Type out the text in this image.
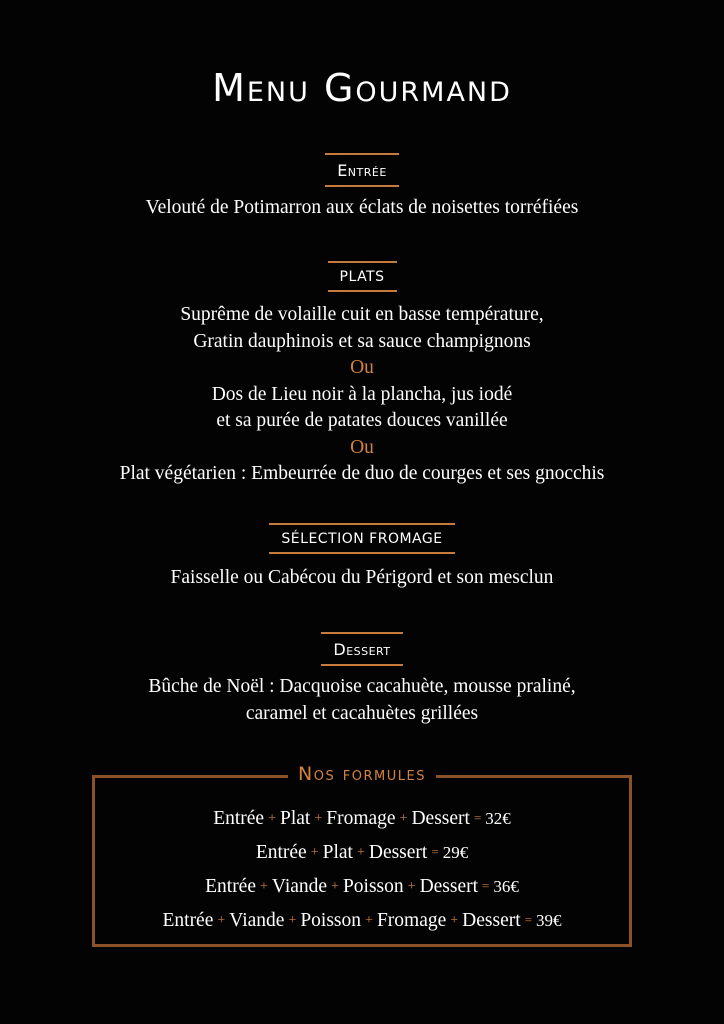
Menu Gourmand
Entrée
Velouté de Potimarron aux éclats de noisettes torréfiées
PLATS
Suprême de volaille cuit en basse température,
Gratin dauphinois et sa sauce champignons
Ou
Dos de Lieu noir à la plancha, jus iodé
et sa purée de patates douces vanillée
Ou
Plat végétarien : Embeurrée de duo de courges et ses gnocchis
SÉLECTION FROMAGE
Faisselle ou Cabécou du Périgord et son mesclun
Dessert
Bûche de Noël : Dacquoise cacahuète, mousse praliné,
caramel et cacahuètes grillées
Nos formules
Entrée + Plat + Fromage + Dessert = 32€
Entrée + Plat + Dessert = 29€
Entrée + Viande + Poisson + Dessert = 36€
Entrée + Viande + Poisson + Fromage + Dessert = 39€
